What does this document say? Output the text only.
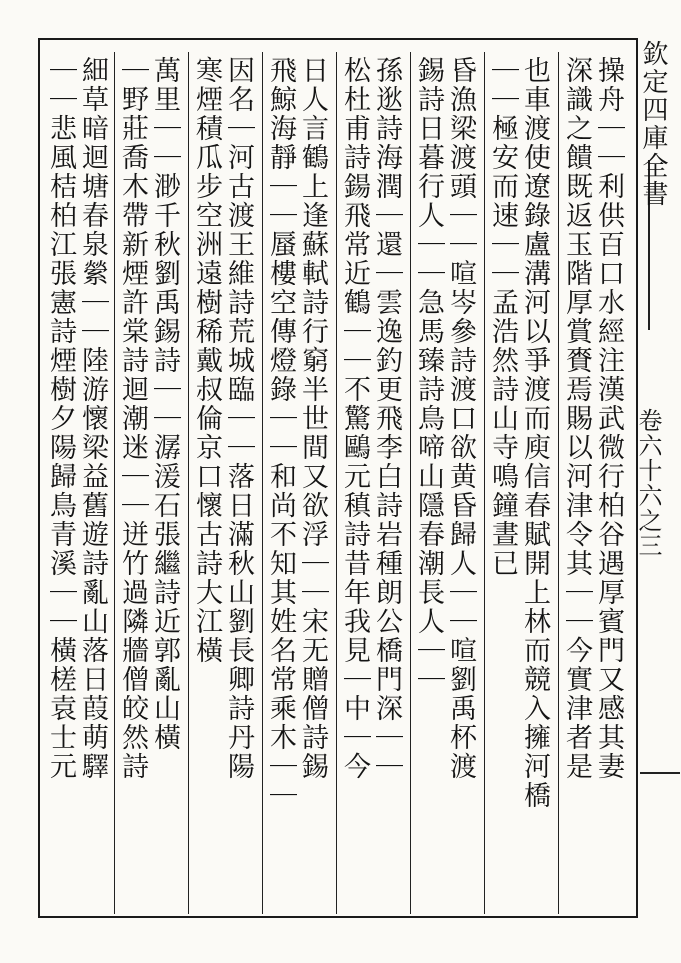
欽定四庫全書
卷六十六之三

操舟｜｜利供百口水經注漢武微行柏谷遇厚賓門又感其妻

深識之饋既返玉階厚賞賚焉賜以河津令其｜｜今實津者是

也車渡使遼錄盧溝河以爭渡而庾信春賦開上林而競入擁河橋

｜｜極安而速｜｜孟浩然詩山寺鳴鐘晝已

昏漁梁渡頭｜｜喧岑參詩渡口欲黄昏歸人｜｜喧劉禹杯渡

錫詩日暮行人｜｜急馬臻詩鳥啼山隱春潮長人｜｜

孫逖詩海潤｜還｜雲逸釣更飛李白詩岩種朗公橋門深｜｜

松杜甫詩鍚飛常近鶴｜｜不驚鷗元稹詩昔年我見｜中｜今

日人言鶴上逢蘇軾詩行窮半世間又欲浮｜｜宋无贈僧詩錫

飛鯨海靜｜｜蜃樓空傳燈錄｜｜和尚不知其姓名常乘木｜｜

因名｜河古渡王維詩荒城臨｜｜落日滿秋山劉長卿詩丹陽

寒煙積瓜步空洲遠樹稀戴叔倫京口懷古詩大江橫

萬里｜｜渺千秋劉禹錫詩｜｜潺湲石張繼詩近郭亂山橫

｜野莊喬木帶新煙許棠詩迴潮迷｜｜迸竹過隣牆僧皎然詩

細草暗迴塘春泉縈｜｜陸游懷梁益舊遊詩亂山落日葭萌驛

｜｜悲風桔柏江張憲詩煙樹夕陽歸鳥青溪｜｜橫槎袁士元
